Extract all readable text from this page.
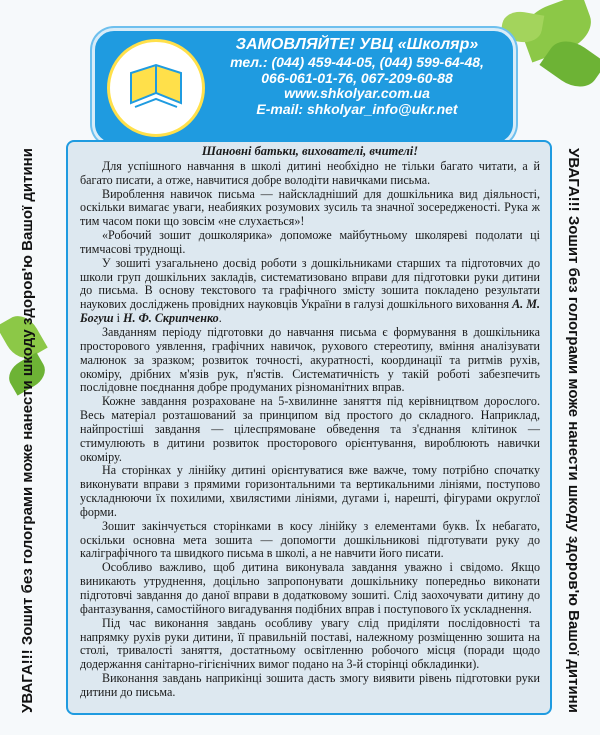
ЗАМОВЛЯЙТЕ! УВЦ «Школяр»
тел.: (044) 459-44-05, (044) 599-64-48,
066-061-01-76, 067-209-60-88
www.shkolyar.com.ua
E-mail: shkolyar_info@ukr.net
УВАГА!!! Зошит без голограми може нанести шкоду здоров'ю Вашої дитини	УВАГА!!! Зошит без голограми може нанести шкоду здоров'ю Вашої дитини
Шановні батьки, вихователі, вчителі!

Для успішного навчання в школі дитині необхідно не тільки багато читати, а й багато писати, а отже, навчитися добре володіти навичками письма.

Вироблення навичок письма — найскладніший для дошкільника вид діяльності, оскільки вимагає уваги, неабияких розумових зусиль та значної зосередженості. Рука ж тим часом поки що зовсім «не слухається»!

«Робочий зошит дошколярика» допоможе майбутньому школяреві подолати ці тимчасові труднощі.

У зошиті узагальнено досвід роботи з дошкільниками старших та підготовчих до школи груп дошкільних закладів, систематизовано вправи для підготовки руки дитини до письма. В основу текстового та графічного змісту зошита покладено результати наукових досліджень провідних науковців України в галузі дошкільного виховання А. М. Богуш і Н. Ф. Скрипченко.

Завданням періоду підготовки до навчання письма є формування в дошкільника просторового уявлення, графічних навичок, рухового стереотипу, вміння аналізувати малюнок за зразком; розвиток точності, акуратності, координації та ритмів рухів, окоміру, дрібних м'язів рук, п'ястів. Систематичність у такій роботі забезпечить послідовне поєднання добре продуманих різноманітних вправ.

Кожне завдання розраховане на 5-хвилинне заняття під керівництвом дорослого. Весь матеріал розташований за принципом від простого до складного. Наприклад, найпростіші завдання — цілеспрямоване обведення та з'єднання клітинок — стимулюють в дитини розвиток просторового орієнтування, вироблюють навички окоміру.

На сторінках у лінійку дитині орієнтуватися вже важче, тому потрібно спочатку виконувати вправи з прямими горизонтальними та вертикальними лініями, поступово ускладнюючи їх похилими, хвилястими лініями, дугами і, нарешті, фігурами округлої форми.

Зошит закінчується сторінками в косу лінійку з елементами букв. Їх небагато, оскільки основна мета зошита — допомогти дошкільникові підготувати руку до каліграфічного та швидкого письма в школі, а не навчити його писати.

Особливо важливо, щоб дитина виконувала завдання уважно і свідомо. Якщо виникають утруднення, доцільно запропонувати дошкільнику попередньо виконати підготовчі завдання до даної вправи в додатковому зошиті. Слід заохочувати дитину до фантазування, самостійного вигадування подібних вправ і поступового їх ускладнення.

Під час виконання завдань особливу увагу слід приділяти послідовності та напрямку рухів руки дитини, її правильній поставі, належному розміщенню зошита на столі, тривалості заняття, достатньому освітленню робочого місця (поради щодо додержання санітарно-гігієнічних вимог подано на 3-й сторінці обкладинки).

Виконання завдань наприкінці зошита дасть змогу виявити рівень підготовки руки дитини до письма.
